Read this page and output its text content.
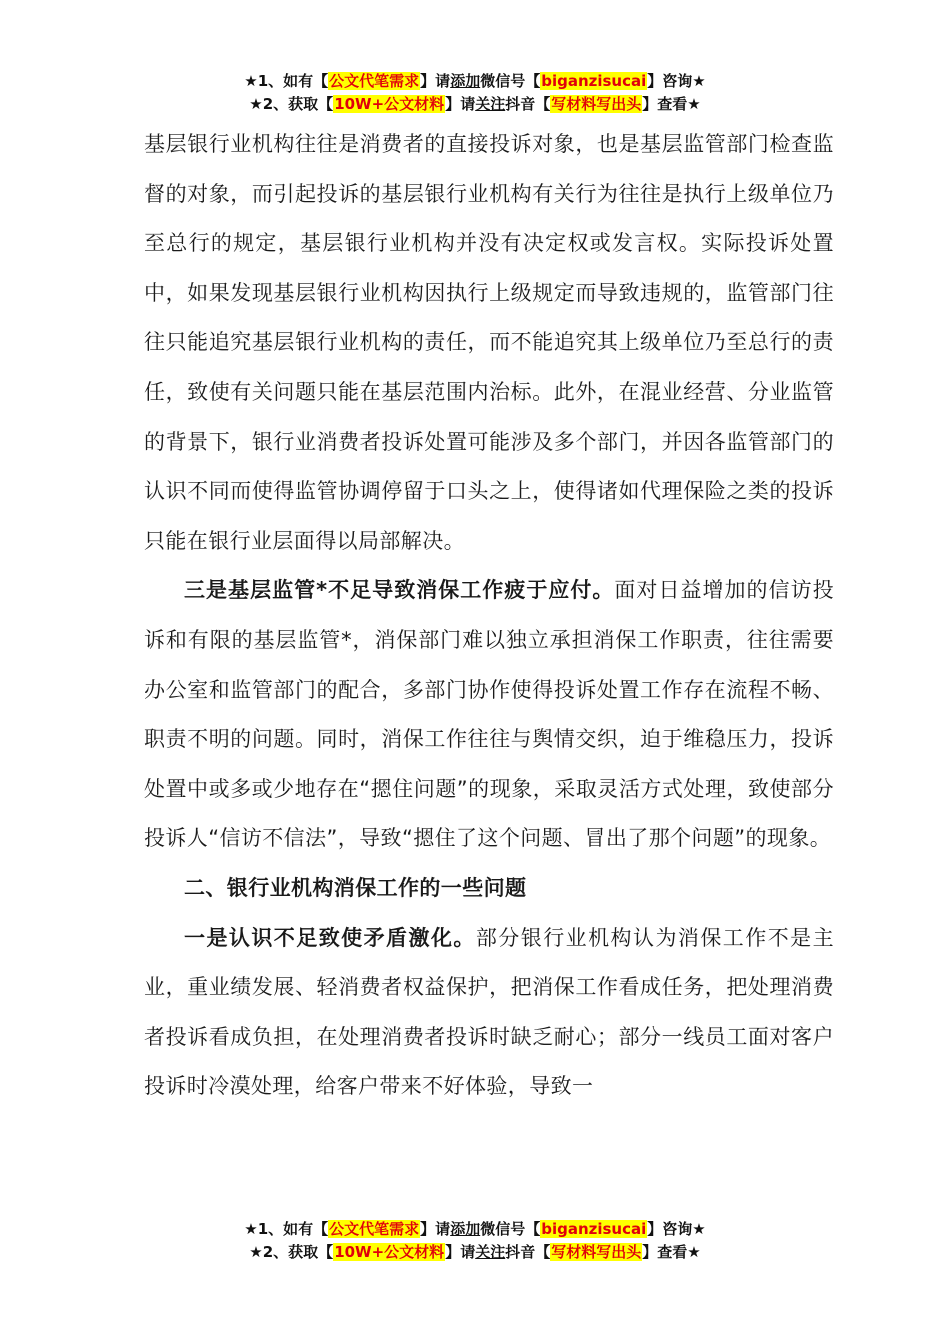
★1、如有【公文代笔需求】请添加微信号【biganzisucai】咨询★
★2、获取【10W+公文材料】请关注抖音【写材料写出头】查看★

基层银行业机构往往是消费者的直接投诉对象，也是基层监管部门检查监督的对象，而引起投诉的基层银行业机构有关行为往往是执行上级单位乃至总行的规定，基层银行业机构并没有决定权或发言权。实际投诉处置中，如果发现基层银行业机构因执行上级规定而导致违规的，监管部门往往只能追究基层银行业机构的责任，而不能追究其上级单位乃至总行的责任，致使有关问题只能在基层范围内治标。此外，在混业经营、分业监管的背景下，银行业消费者投诉处置可能涉及多个部门，并因各监管部门的认识不同而使得监管协调停留于口头之上，使得诸如代理保险之类的投诉只能在银行业层面得以局部解决。

三是基层监管*不足导致消保工作疲于应付。面对日益增加的信访投诉和有限的基层监管*，消保部门难以独立承担消保工作职责，往往需要办公室和监管部门的配合，多部门协作使得投诉处置工作存在流程不畅、职责不明的问题。同时，消保工作往往与舆情交织，迫于维稳压力，投诉处置中或多或少地存在“摁住问题”的现象，采取灵活方式处理，致使部分投诉人“信访不信法”，导致“摁住了这个问题、冒出了那个问题”的现象。

二、银行业机构消保工作的一些问题

一是认识不足致使矛盾激化。部分银行业机构认为消保工作不是主业，重业绩发展、轻消费者权益保护，把消保工作看成任务，把处理消费者投诉看成负担，在处理消费者投诉时缺乏耐心；部分一线员工面对客户投诉时冷漠处理，给客户带来不好体验，导致一

★1、如有【公文代笔需求】请添加微信号【biganzisucai】咨询★
★2、获取【10W+公文材料】请关注抖音【写材料写出头】查看★
